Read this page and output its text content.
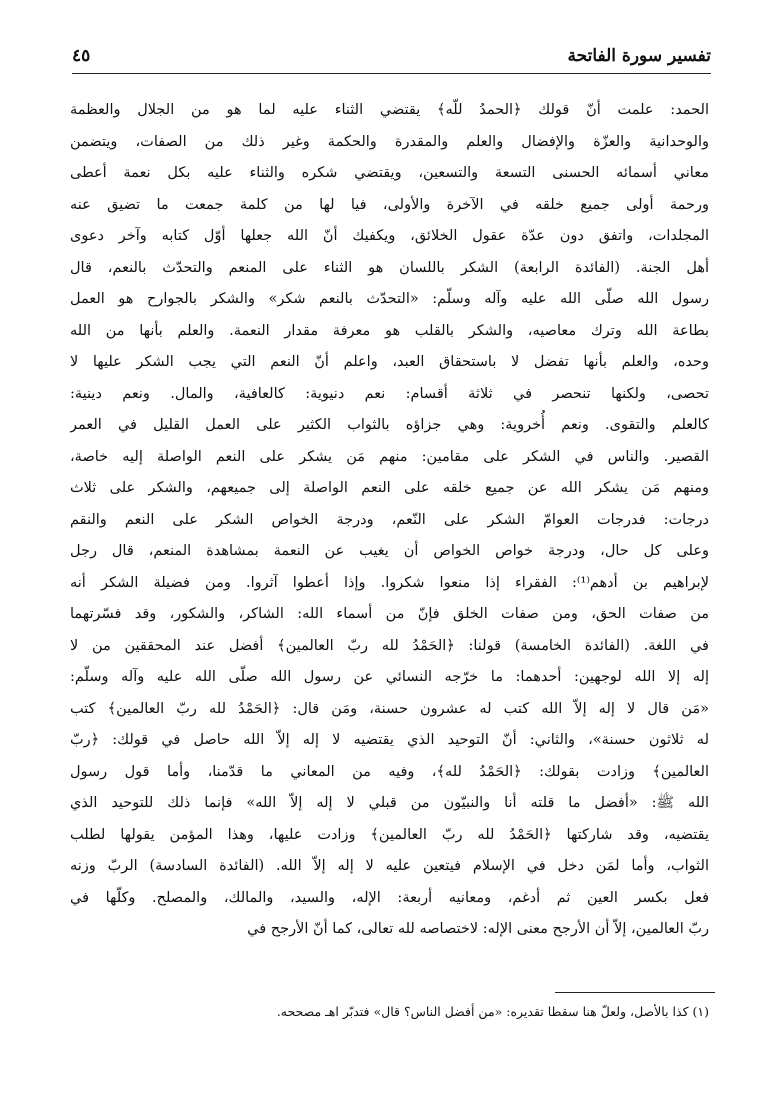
تفسير سورة الفاتحة
٤٥
الحمد: علمت أنّ قولك ﴿الحمدُ للّه﴾ يقتضي الثناء عليه لما هو من الجلال والعظمة
والوحدانية والعزّة والإفضال والعلم والمقدرة والحكمة وغير ذلك من الصفات، ويتضمن
معاني أسمائه الحسنى التسعة والتسعين، ويقتضي شكره والثناء عليه بكل نعمة أعطى
ورحمة أولى جميع خلقه في الآخرة والأولى، فيا لها من كلمة جمعت ما تضيق عنه
المجلدات، واتفق دون عدّة عقول الخلائق، ويكفيك أنّ الله جعلها أوّل كتابه وآخر دعوى
أهل الجنة. (الفائدة الرابعة) الشكر باللسان هو الثناء على المنعم والتحدّث بالنعم، قال
رسول الله صلّى الله عليه وآله وسلّم: «التحدّث بالنعم شكر» والشكر بالجوارح هو العمل
بطاعة الله وترك معاصيه، والشكر بالقلب هو معرفة مقدار النعمة. والعلم بأنها من الله
وحده، والعلم بأنها تفضل لا باستحقاق العبد، واعلم أنّ النعم التي يجب الشكر عليها لا
تحصى، ولكنها تنحصر في ثلاثة أقسام: نعم دنيوية: كالعافية، والمال. ونعم دينية:
كالعلم والتقوى. ونعم أُخروية: وهي جزاؤه بالثواب الكثير على العمل القليل في العمر
القصير. والناس في الشكر على مقامين: منهم مَن يشكر على النعم الواصلة إليه خاصة،
ومنهم مَن يشكر الله عن جميع خلقه على النعم الواصلة إلى جميعهم، والشكر على ثلاث
درجات: فدرجات العوامّ الشكر على النّعم، ودرجة الخواص الشكر على النعم والنقم
وعلى كل حال، ودرجة خواص الخواص أن يغيب عن النعمة بمشاهدة المنعم، قال رجل
لإبراهيم بن أدهم⁽¹⁾: الفقراء إذا منعوا شكروا. وإذا أعطوا آثروا. ومن فضيلة الشكر أنه
من صفات الحق، ومن صفات الخلق فإنّ من أسماء الله: الشاكر، والشكور، وقد فسّرتهما
في اللغة. (الفائدة الخامسة) قولنا: ﴿الحَمْدُ لله ربّ العالمين﴾ أفضل عند المحققين من لا
إله إلا الله لوجهين: أحدهما: ما خرّجه النسائي عن رسول الله صلّى الله عليه وآله وسلّم:
«مَن قال لا إله إلاّ الله كتب له عشرون حسنة، ومَن قال: ﴿الحَمْدُ لله ربّ العالمين﴾ كتب
له ثلاثون حسنة»، والثاني: أنّ التوحيد الذي يقتضيه لا إله إلاّ الله حاصل في قولك: ﴿ربّ
العالمين﴾ وزادت بقولك: ﴿الحَمْدُ لله﴾، وفيه من المعاني ما قدّمنا، وأما قول رسول
الله ﷺ: «أفضل ما قلته أنا والنبيّون من قبلي لا إله إلاّ الله» فإنما ذلك للتوحيد الذي
يقتضيه، وقد شاركتها ﴿الحَمْدُ لله ربّ العالمين﴾ وزادت عليها، وهذا المؤمن يقولها لطلب
الثواب، وأما لمَن دخل في الإسلام فيتعين عليه لا إله إلاّ الله. (الفائدة السادسة) الربّ وزنه
فعل بكسر العين ثم أدغم، ومعانيه أربعة: الإله، والسيد، والمالك، والمصلح. وكلّها في
ربّ العالمين، إلاّ أن الأرجح معنى الإله: لاختصاصه لله تعالى، كما أنّ الأرجح في
(١) كذا بالأصل، ولعلّ هنا سقطا تقديره: «من أفضل الناس؟ قال» فتدبّر اهـ مصححه.
